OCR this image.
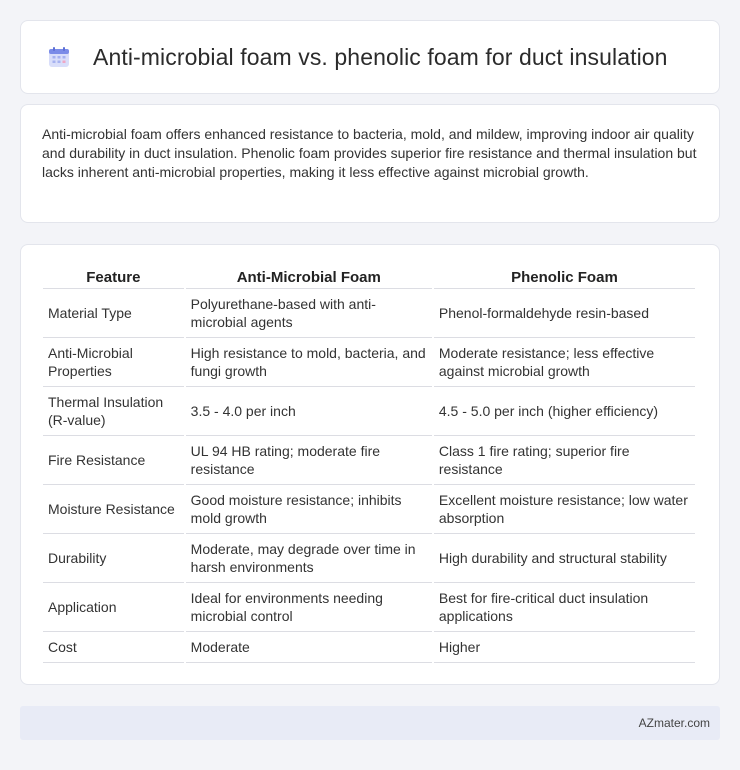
Anti-microbial foam vs. phenolic foam for duct insulation

Anti-microbial foam offers enhanced resistance to bacteria, mold, and mildew, improving indoor air quality and durability in duct insulation. Phenolic foam provides superior fire resistance and thermal insulation but lacks inherent anti-microbial properties, making it less effective against microbial growth.

Feature	Anti-Microbial Foam	Phenolic Foam
Material Type	Polyurethane-based with anti-microbial agents	Phenol-formaldehyde resin-based
Anti-Microbial Properties	High resistance to mold, bacteria, and fungi growth	Moderate resistance; less effective against microbial growth
Thermal Insulation (R-value)	3.5 - 4.0 per inch	4.5 - 5.0 per inch (higher efficiency)
Fire Resistance	UL 94 HB rating; moderate fire resistance	Class 1 fire rating; superior fire resistance
Moisture Resistance	Good moisture resistance; inhibits mold growth	Excellent moisture resistance; low water absorption
Durability	Moderate, may degrade over time in harsh environments	High durability and structural stability
Application	Ideal for environments needing microbial control	Best for fire-critical duct insulation applications
Cost	Moderate	Higher
AZmater.com
